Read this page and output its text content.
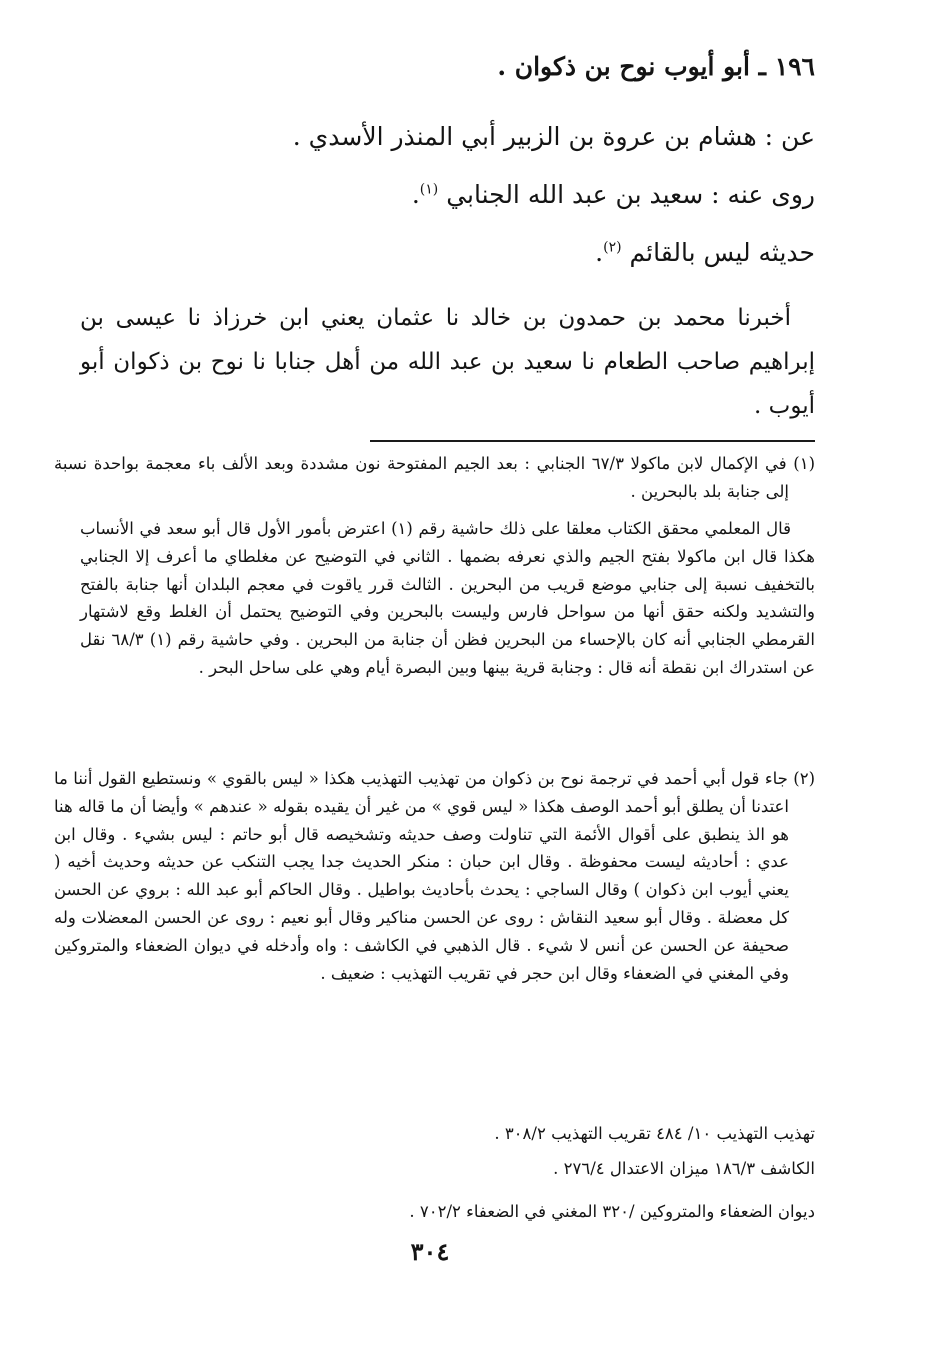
١٩٦ ـ أبو أيوب نوح بن ذكوان .

عن : هشام بن عروة بن الزبير أبي المنذر الأسدي .

روى عنه : سعيد بن عبد الله الجنابي $^{(١)}$.

حديثه ليس بالقائم $^{(٢)}$.

أخبرنا محمد بن حمدون بن خالد نا عثمان يعني ابن خرزاذ نا عيسى بن إبراهيم صاحب الطعام نا سعيد بن عبد الله من أهل جنابا نا نوح بن ذكوان أبو أيوب .

(١) في الإكمال لابن ماكولا ٦٧/٣ الجنابي : بعد الجيم المفتوحة نون مشددة وبعد الألف باء معجمة بواحدة نسبة إلى جنابة بلد بالبحرين .

قال المعلمي محقق الكتاب معلقا على ذلك حاشية رقم (١) اعترض بأمور الأول قال أبو سعد في الأنساب هكذا قال ابن ماكولا بفتح الجيم والذي نعرفه بضمها . الثاني في التوضيح عن مغلطاي ما أعرف إلا الجنابي بالتخفيف نسبة إلى جنابي موضع قريب من البحرين . الثالث قرر ياقوت في معجم البلدان أنها جنابة بالفتح والتشديد ولكنه حقق أنها من سواحل فارس وليست بالبحرين وفي التوضيح يحتمل أن الغلط وقع لاشتهار القرمطي الجنابي أنه كان بالإحساء من البحرين فظن أن جنابة من البحرين . وفي حاشية رقم (١) ٦٨/٣ نقل عن استدراك ابن نقطة أنه قال : وجنابة قرية بينها وبين البصرة أيام وهي على ساحل البحر .

(٢) جاء قول أبي أحمد في ترجمة نوح بن ذكوان من تهذيب التهذيب هكذا « ليس بالقوي » ونستطيع القول أننا ما اعتدنا أن يطلق أبو أحمد الوصف هكذا « ليس قوي » من غير أن يقيده بقوله « عندهم » وأيضا أن ما قاله هنا هو الذ ينطبق على أقوال الأئمة التي تناولت وصف حديثه وتشخيصه قال أبو حاتم : ليس بشيء . وقال ابن عدي : أحاديثه ليست محفوظة . وقال ابن حبان : منكر الحديث جدا يجب التنكب عن حديثه وحديث أخيه ( يعني أيوب ابن ذكوان ) وقال الساجي : يحدث بأحاديث بواطيل . وقال الحاكم أبو عبد الله : بروي عن الحسن كل معضلة . وقال أبو سعيد النقاش : روى عن الحسن مناكير وقال أبو نعيم : روى عن الحسن المعضلات وله صحيفة عن الحسن عن أنس لا شيء . قال الذهبي في الكاشف : واه وأدخله في ديوان الضعفاء والمتروكين وفي المغني في الضعفاء وقال ابن حجر في تقريب التهذيب : ضعيف .

تهذيب التهذيب ١٠/ ٤٨٤ تقريب التهذيب ٣٠٨/٢ .

الكاشف ١٨٦/٣ ميزان الاعتدال ٢٧٦/٤ .

ديوان الضعفاء والمتروكين /٣٢٠ المغني في الضعفاء ٧٠٢/٢ .

٣٠٤
